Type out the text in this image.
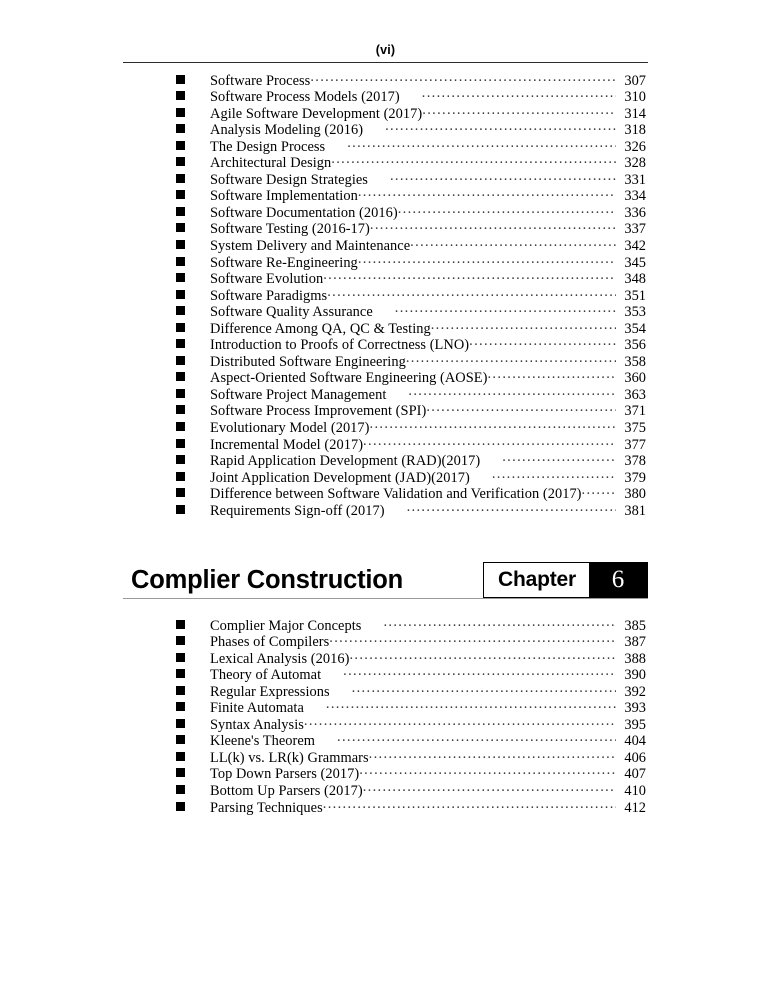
(vi)
Software Process .....	307
Software Process Models (2017) .....	310
Agile Software Development (2017) .....	314
Analysis Modeling (2016) .....	318
The Design Process .....	326
Architectural Design .....	328
Software Design Strategies .....	331
Software Implementation .....	334
Software Documentation (2016) .....	336
Software Testing (2016-17) .....	337
System Delivery and Maintenance .....	342
Software Re-Engineering .....	345
Software Evolution .....	348
Software Paradigms .....	351
Software Quality Assurance .....	353
Difference Among QA, QC & Testing .....	354
Introduction to Proofs of Correctness (LNO) .....	356
Distributed Software Engineering .....	358
Aspect-Oriented Software Engineering (AOSE) .....	360
Software Project Management .....	363
Software Process Improvement (SPI) .....	371
Evolutionary Model (2017) .....	375
Incremental Model (2017) .....	377
Rapid Application Development (RAD)(2017) .....	378
Joint Application Development (JAD)(2017) .....	379
Difference between Software Validation and Verification (2017) .....	380
Requirements Sign-off (2017) .....	381
Complier Construction	Chapter	6
Complier Major Concepts .....	385
Phases of Compilers .....	387
Lexical Analysis (2016) .....	388
Theory of Automat .....	390
Regular Expressions .....	392
Finite Automata .....	393
Syntax Analysis .....	395
Kleene's Theorem .....	404
LL(k) vs. LR(k) Grammars .....	406
Top Down Parsers (2017) .....	407
Bottom Up Parsers (2017) .....	410
Parsing Techniques .....	412
